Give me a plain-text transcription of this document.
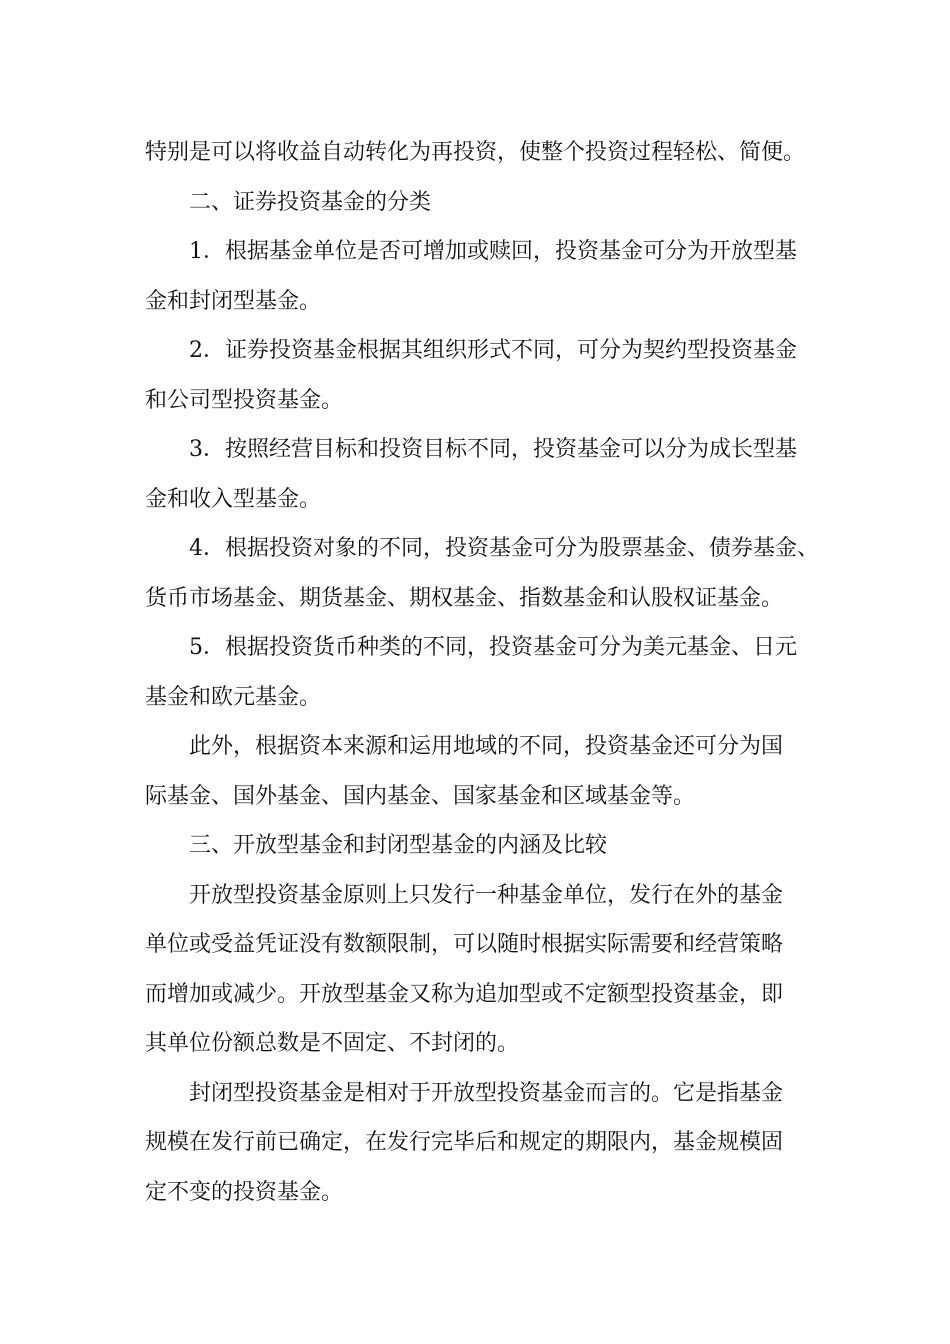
特别是可以将收益自动转化为再投资，使整个投资过程轻松、简便。
二、证券投资基金的分类
1．根据基金单位是否可增加或赎回，投资基金可分为开放型基
金和封闭型基金。
2．证券投资基金根据其组织形式不同，可分为契约型投资基金
和公司型投资基金。
3．按照经营目标和投资目标不同，投资基金可以分为成长型基
金和收入型基金。
4．根据投资对象的不同，投资基金可分为股票基金、债券基金、
货币市场基金、期货基金、期权基金、指数基金和认股权证基金。
5．根据投资货币种类的不同，投资基金可分为美元基金、日元
基金和欧元基金。
此外，根据资本来源和运用地域的不同，投资基金还可分为国
际基金、国外基金、国内基金、国家基金和区域基金等。
三、开放型基金和封闭型基金的内涵及比较
开放型投资基金原则上只发行一种基金单位，发行在外的基金
单位或受益凭证没有数额限制，可以随时根据实际需要和经营策略
而增加或减少。开放型基金又称为追加型或不定额型投资基金，即
其单位份额总数是不固定、不封闭的。
封闭型投资基金是相对于开放型投资基金而言的。它是指基金
规模在发行前已确定，在发行完毕后和规定的期限内，基金规模固
定不变的投资基金。
